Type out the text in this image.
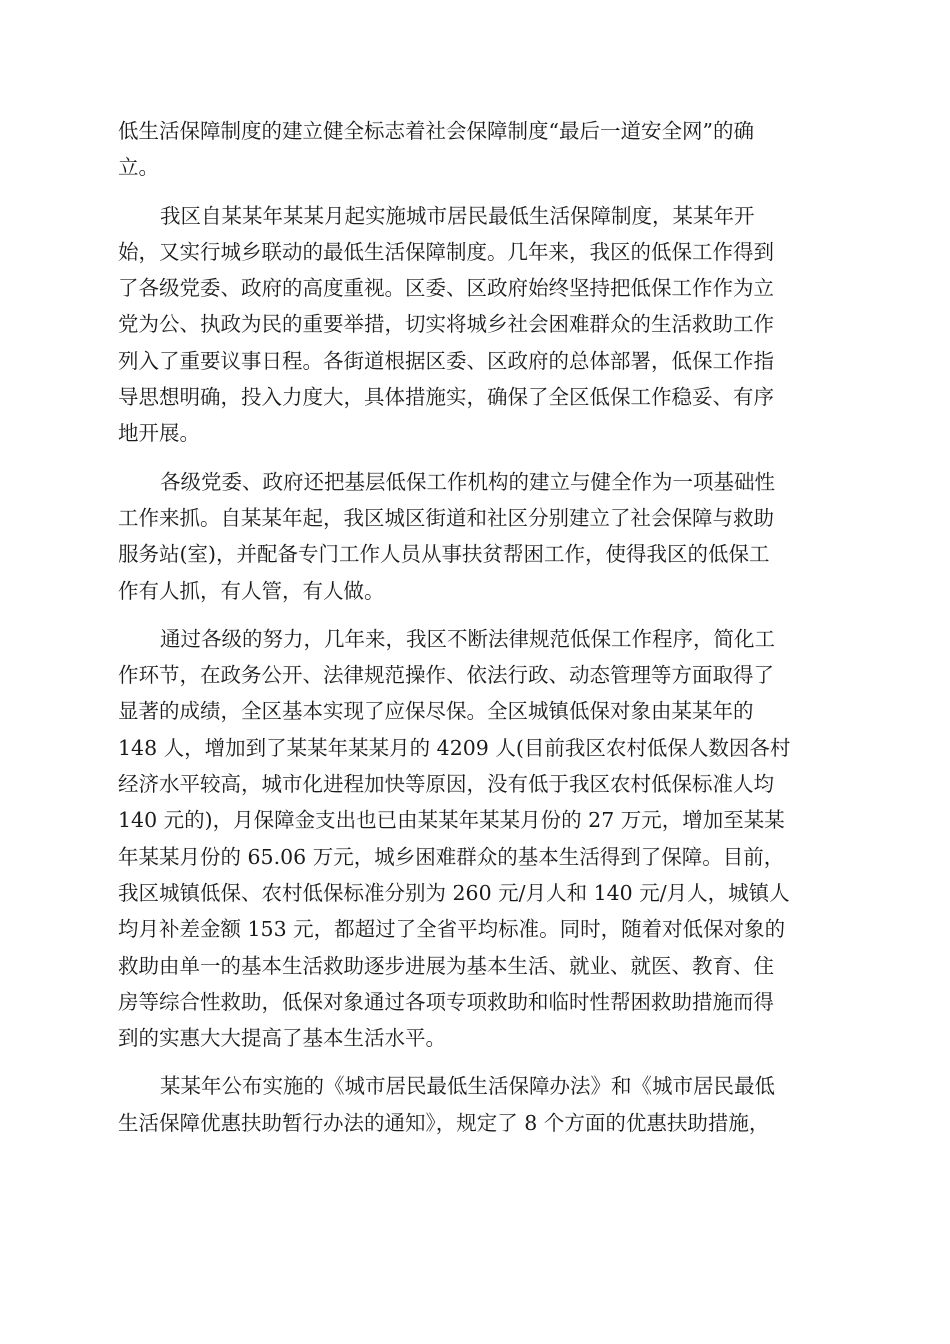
低生活保障制度的建立健全标志着社会保障制度“最后一道安全网”的确
立。
我区自某某年某某月起实施城市居民最低生活保障制度，某某年开
始，又实行城乡联动的最低生活保障制度。几年来，我区的低保工作得到
了各级党委、政府的高度重视。区委、区政府始终坚持把低保工作作为立
党为公、执政为民的重要举措，切实将城乡社会困难群众的生活救助工作
列入了重要议事日程。各街道根据区委、区政府的总体部署，低保工作指
导思想明确，投入力度大，具体措施实，确保了全区低保工作稳妥、有序
地开展。
各级党委、政府还把基层低保工作机构的建立与健全作为一项基础性
工作来抓。自某某年起，我区城区街道和社区分别建立了社会保障与救助
服务站(室)，并配备专门工作人员从事扶贫帮困工作，使得我区的低保工
作有人抓，有人管，有人做。
通过各级的努力，几年来，我区不断法律规范低保工作程序，简化工
作环节，在政务公开、法律规范操作、依法行政、动态管理等方面取得了
显著的成绩，全区基本实现了应保尽保。全区城镇低保对象由某某年的
148 人，增加到了某某年某某月的 4209 人(目前我区农村低保人数因各村
经济水平较高，城市化进程加快等原因，没有低于我区农村低保标准人均
140 元的)，月保障金支出也已由某某年某某月份的 27 万元，增加至某某
年某某月份的 65.06 万元，城乡困难群众的基本生活得到了保障。目前，
我区城镇低保、农村低保标准分别为 260 元/月人和 140 元/月人，城镇人
均月补差金额 153 元，都超过了全省平均标准。同时，随着对低保对象的
救助由单一的基本生活救助逐步进展为基本生活、就业、就医、教育、住
房等综合性救助，低保对象通过各项专项救助和临时性帮困救助措施而得
到的实惠大大提高了基本生活水平。
某某年公布实施的《城市居民最低生活保障办法》和《城市居民最低
生活保障优惠扶助暂行办法的通知》，规定了 8 个方面的优惠扶助措施，
